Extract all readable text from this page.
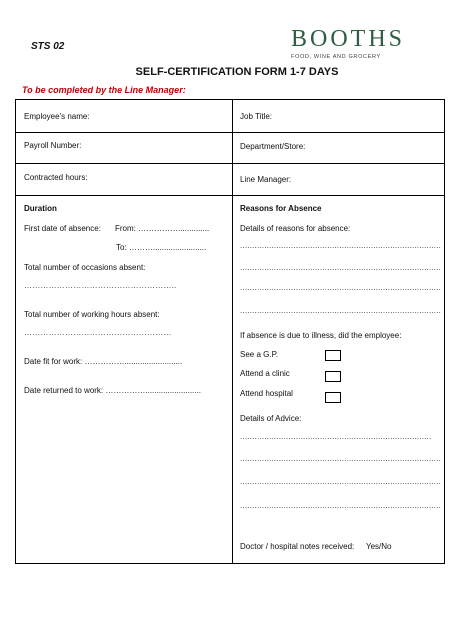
STS 02	BOOTHS
FOOD, WINE AND GROCERY
SELF-CERTIFICATION FORM 1-7 DAYS
To be completed by the Line Manager:
Employee's name:	Job Title:
Payroll Number:	Department/Store:
Contracted hours:	Line Manager:
Duration
First date of absence: From: ……………..............
To: ………........................
Total number of occasions absent:
………………………………………………..
Total number of working hours absent:
………………………………………………
Date fit for work: ……………..........................
Date returned to work: …………….........................
Reasons for Absence
Details of reasons for absence:
...................................................................................
...................................................................................
...................................................................................
...................................................................................
If absence is due to illness, did the employee:
See a G.P.
Attend a clinic
Attend hospital
Details of Advice:
...............................................................................
...................................................................................
...................................................................................
...................................................................................
Doctor / hospital notes received: Yes/No
